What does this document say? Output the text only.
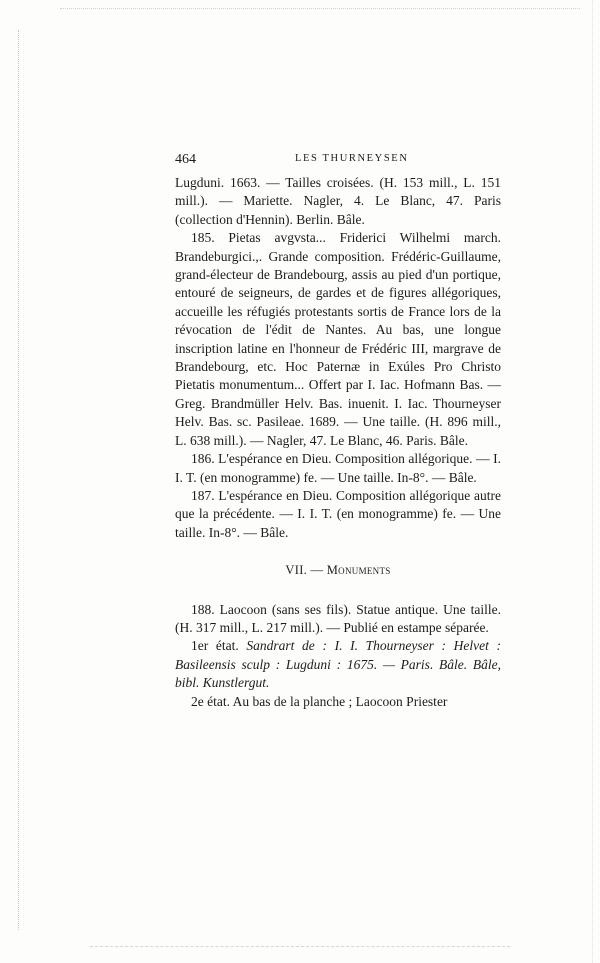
464	LES THURNEYSEN

Lugduni. 1663. — Tailles croisées. (H. 153 mill., L. 151 mill.). — Mariette. Nagler, 4. Le Blanc, 47. Paris (collection d'Hennin). Berlin. Bâle.

185. Pietas avgvsta... Friderici Wilhelmi march. Brandeburgici.,. Grande composition. Frédéric-Guillaume, grand-électeur de Brandebourg, assis au pied d'un portique, entouré de seigneurs, de gardes et de figures allégoriques, accueille les réfugiés protestants sortis de France lors de la révocation de l'édit de Nantes. Au bas, une longue inscription latine en l'honneur de Frédéric III, margrave de Brandebourg, etc. Hoc Paternæ in Exúles Pro Christo Pietatis monumentum... Offert par I. Iac. Hofmann Bas. — Greg. Brandmüller Helv. Bas. inuenit. I. Iac. Thourneyser Helv. Bas. sc. Pasileae. 1689. — Une taille. (H. 896 mill., L. 638 mill.). — Nagler, 47. Le Blanc, 46. Paris. Bâle.

186. L'espérance en Dieu. Composition allégorique. — I. I. T. (en monogramme) fe. — Une taille. In-8°. — Bâle.

187. L'espérance en Dieu. Composition allégorique autre que la précédente. — I. I. T. (en monogramme) fe. — Une taille. In-8°. — Bâle.

VII. — Monuments

188. Laocoon (sans ses fils). Statue antique. Une taille. (H. 317 mill., L. 217 mill.). — Publié en estampe séparée.

1er état. Sandrart de : I. I. Thourneyser : Helvet : Basileensis sculp : Lugduni : 1675. — Paris. Bâle. Bâle, bibl. Kunstlergut.

2e état. Au bas de la planche ; Laocoon Priester
